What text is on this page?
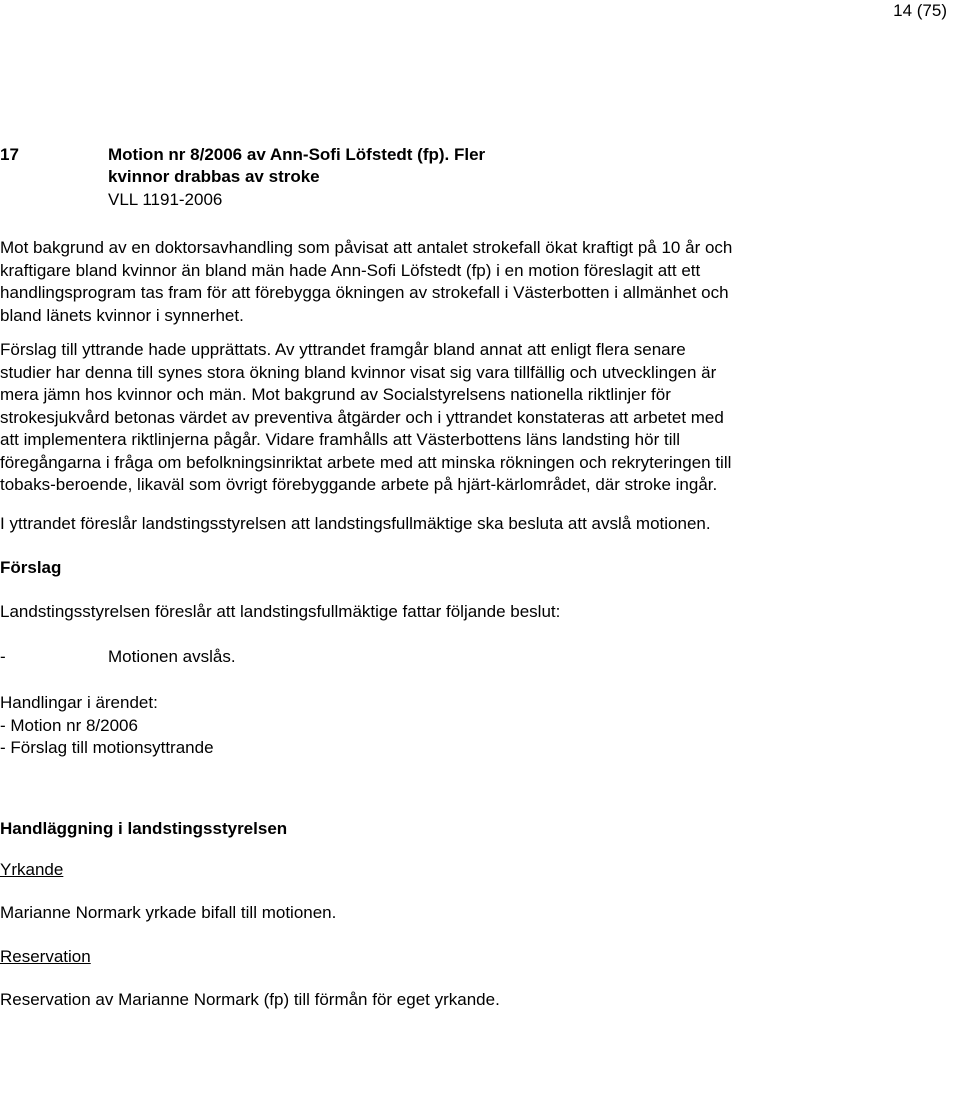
14 (75)
17	Motion nr 8/2006 av Ann-Sofi Löfstedt (fp). Fler kvinnor drabbas av stroke
VLL 1191-2006

Mot bakgrund av en doktorsavhandling som påvisat att antalet strokefall ökat kraftigt på 10 år och kraftigare bland kvinnor än bland män hade Ann-Sofi Löfstedt (fp) i en motion föreslagit att ett handlingsprogram tas fram för att förebygga ökningen av strokefall i Västerbotten i allmänhet och bland länets kvinnor i synnerhet.

Förslag till yttrande hade upprättats. Av yttrandet framgår bland annat att enligt flera senare studier har denna till synes stora ökning bland kvinnor visat sig vara tillfällig och utvecklingen är mera jämn hos kvinnor och män. Mot bakgrund av Socialstyrelsens nationella riktlinjer för strokesjukvård betonas värdet av preventiva åtgärder och i yttrandet konstateras att arbetet med att implementera riktlinjerna pågår. Vidare framhålls att Västerbottens läns landsting hör till föregångarna i fråga om befolkningsinriktat arbete med att minska rökningen och rekryteringen till tobaks-beroende, likaväl som övrigt förebyggande arbete på hjärt-kärlområdet, där stroke ingår.

I yttrandet föreslår landstingsstyrelsen att landstingsfullmäktige ska besluta att avslå motionen.

Förslag

Landstingsstyrelsen föreslår att landstingsfullmäktige fattar följande beslut:

-	Motionen avslås.

Handlingar i ärendet:
- Motion nr 8/2006
- Förslag till motionsyttrande
Handläggning i landstingsstyrelsen

Yrkande

Marianne Normark yrkade bifall till motionen.

Reservation

Reservation av Marianne Normark (fp) till förmån för eget yrkande.
